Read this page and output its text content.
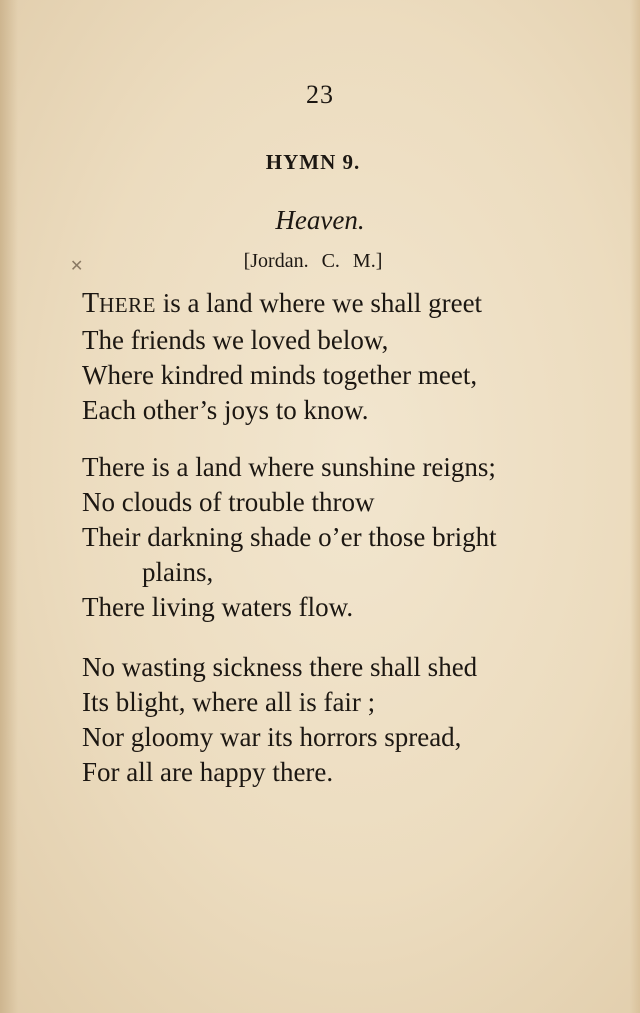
23
HYMN 9.
Heaven.
✕	[Jordan. C. M.]
THERE is a land where we shall greet
The friends we loved below,
Where kindred minds together meet,
Each other’s joys to know.
There is a land where sunshine reigns;
No clouds of trouble throw
Their darkning shade o’er those bright
plains,
There living waters flow.
No wasting sickness there shall shed
Its blight, where all is fair ;
Nor gloomy war its horrors spread,
For all are happy there.
